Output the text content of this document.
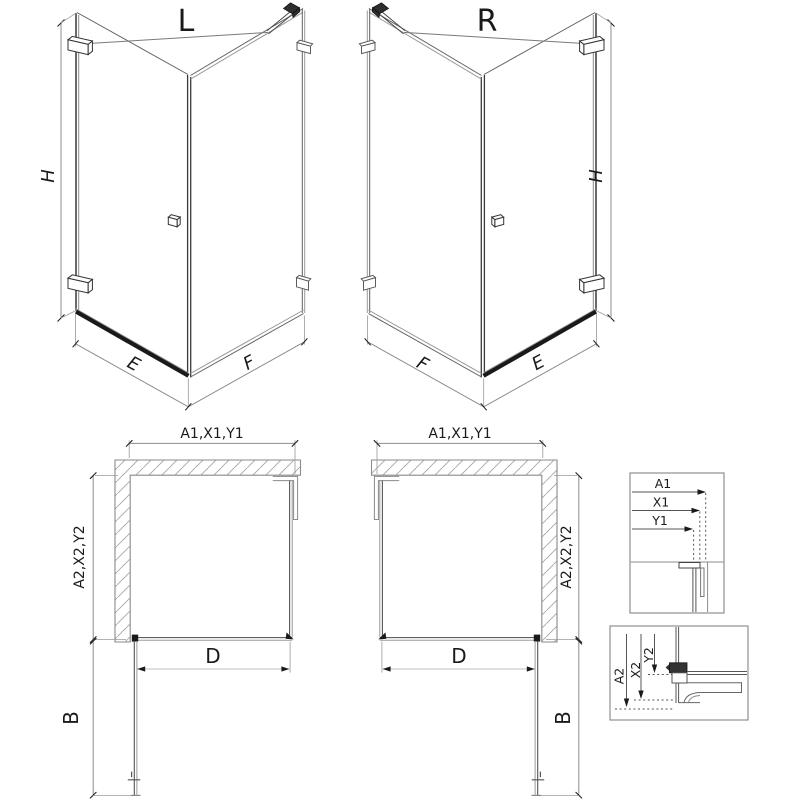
L
H
E	F
R
H
F	E
A1,X1,Y1
A2,X2,Y2
D
B
A1,X1,Y1
A2,X2,Y2
D
B
A1
X1
Y1
A2 X2
Y2
